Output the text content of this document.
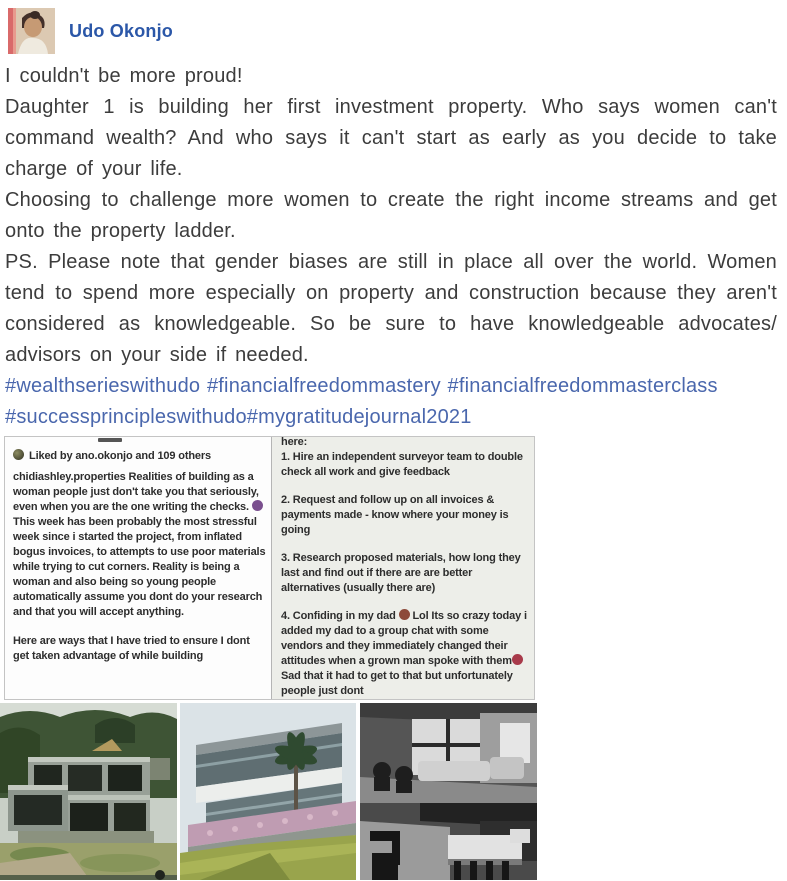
Udo Okonjo

I couldn't be more proud!

Daughter 1 is building her first investment property. Who says women can't command wealth? And who says it can't start as early as you decide to take charge of your life.

Choosing to challenge more women to create the right income streams and get onto the property ladder.

PS. Please note that gender biases are still in place all over the world. Women tend to spend more especially on property and construction because they aren't considered as knowledgeable. So be sure to have knowledgeable advocates/ advisors on your side if needed.

#wealthserieswithudo #financialfreedommastery #financialfreedommasterclass

#successprincipleswithudo#mygratitudejournal2021

Liked by ano.okonjo and 109 others
chidiashley.properties Realities of building as a woman people just don't take you that seriously, even when you are the one writing the checks.  This week has been probably the most stressful week since i started the project, from inflated bogus invoices, to attempts to use poor materials while trying to cut corners. Reality is being a woman and also being so young people automatically assume you dont do your research and that you will accept anything.
Here are ways that I have tried to ensure I dont get taken advantage of while building
here:
1. Hire an independent surveyor team to double check all work and give feedback
2. Request and follow up on all invoices & payments made - know where your money is going
3. Research proposed materials, how long they last and find out if there are are better alternatives (usually there are)
4. Confiding in my dad  Lol Its so crazy today i added my dad to a group chat with some vendors and they immediately changed their attitudes when a grown man spoke with them Sad that it had to get to that but unfortunately people just dont
